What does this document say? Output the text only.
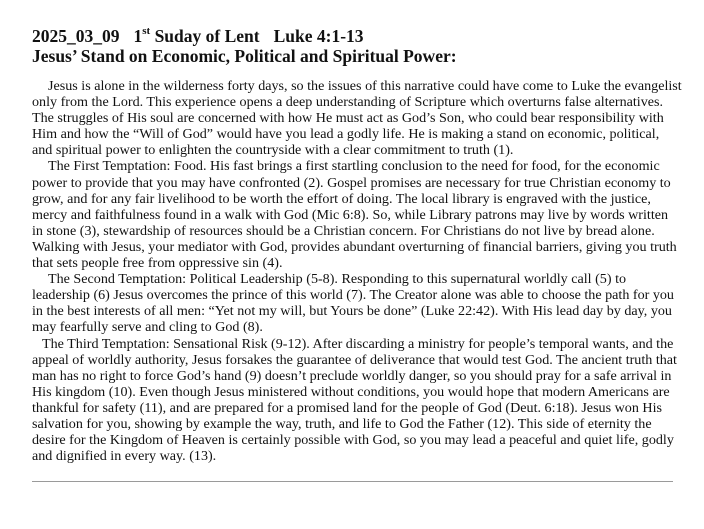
2025_03_09 1st Suday of Lent Luke 4:1-13
Jesus’ Stand on Economic, Political and Spiritual Power:

Jesus is alone in the wilderness forty days, so the issues of this narrative could have come to Luke the evangelist only from the Lord. This experience opens a deep understanding of Scripture which overturns false alternatives. The struggles of His soul are concerned with how He must act as God’s Son, who could bear responsibility with Him and how the “Will of God” would have you lead a godly life. He is making a stand on economic, political, and spiritual power to enlighten the countryside with a clear commitment to truth (1).

The First Temptation: Food. His fast brings a first startling conclusion to the need for food, for the economic power to provide that you may have confronted (2). Gospel promises are necessary for true Christian economy to grow, and for any fair livelihood to be worth the effort of doing. The local library is engraved with the justice, mercy and faithfulness found in a walk with God (Mic 6:8). So, while Library patrons may live by words written in stone (3), stewardship of resources should be a Christian concern. For Christians do not live by bread alone. Walking with Jesus, your mediator with God, provides abundant overturning of financial barriers, giving you truth that sets people free from oppressive sin (4).

The Second Temptation: Political Leadership (5-8). Responding to this supernatural worldly call (5) to leadership (6) Jesus overcomes the prince of this world (7). The Creator alone was able to choose the path for you in the best interests of all men: “Yet not my will, but Yours be done” (Luke 22:42). With His lead day by day, you may fearfully serve and cling to God (8).

The Third Temptation: Sensational Risk (9-12). After discarding a ministry for people’s temporal wants, and the appeal of worldly authority, Jesus forsakes the guarantee of deliverance that would test God. The ancient truth that man has no right to force God’s hand (9) doesn’t preclude worldly danger, so you should pray for a safe arrival in His kingdom (10). Even though Jesus ministered without conditions, you would hope that modern Americans are thankful for safety (11), and are prepared for a promised land for the people of God (Deut. 6:18). Jesus won His salvation for you, showing by example the way, truth, and life to God the Father (12). This side of eternity the desire for the Kingdom of Heaven is certainly possible with God, so you may lead a peaceful and quiet life, godly and dignified in every way. (13).
